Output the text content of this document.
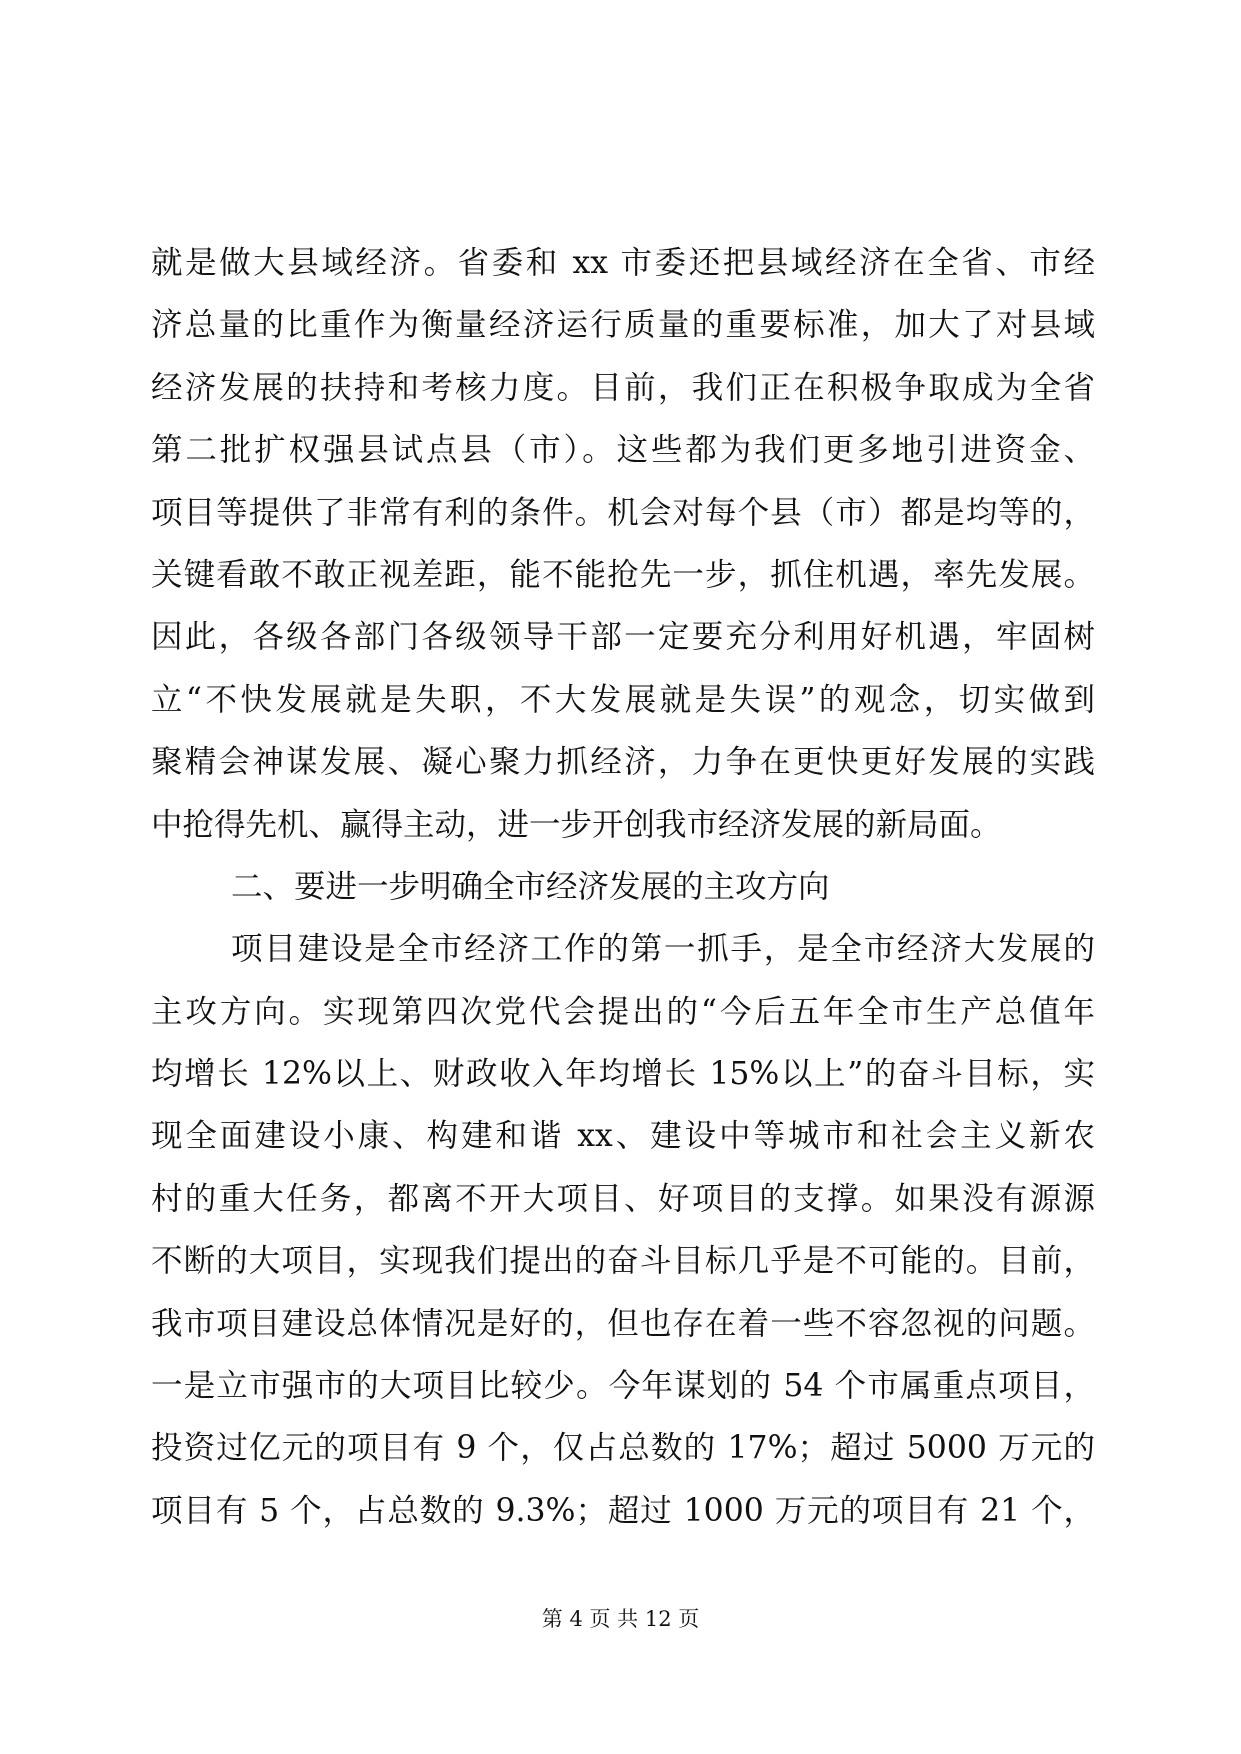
就是做大县域经济。省委和 xx 市委还把县域经济在全省、市经
济总量的比重作为衡量经济运行质量的重要标准，加大了对县域
经济发展的扶持和考核力度。目前，我们正在积极争取成为全省
第二批扩权强县试点县（市）。这些都为我们更多地引进资金、
项目等提供了非常有利的条件。机会对每个县（市）都是均等的，
关键看敢不敢正视差距，能不能抢先一步，抓住机遇，率先发展。
因此，各级各部门各级领导干部一定要充分利用好机遇，牢固树
立“不快发展就是失职，不大发展就是失误”的观念，切实做到
聚精会神谋发展、凝心聚力抓经济，力争在更快更好发展的实践
中抢得先机、赢得主动，进一步开创我市经济发展的新局面。
二、要进一步明确全市经济发展的主攻方向
项目建设是全市经济工作的第一抓手，是全市经济大发展的
主攻方向。实现第四次党代会提出的“今后五年全市生产总值年
均增长 12%以上、财政收入年均增长 15%以上”的奋斗目标，实
现全面建设小康、构建和谐 xx、建设中等城市和社会主义新农
村的重大任务，都离不开大项目、好项目的支撑。如果没有源源
不断的大项目，实现我们提出的奋斗目标几乎是不可能的。目前，
我市项目建设总体情况是好的，但也存在着一些不容忽视的问题。
一是立市强市的大项目比较少。今年谋划的 54 个市属重点项目，
投资过亿元的项目有 9 个，仅占总数的 17%；超过 5000 万元的
项目有 5 个，占总数的 9.3%；超过 1000 万元的项目有 21 个，
第 4 页 共 12 页
